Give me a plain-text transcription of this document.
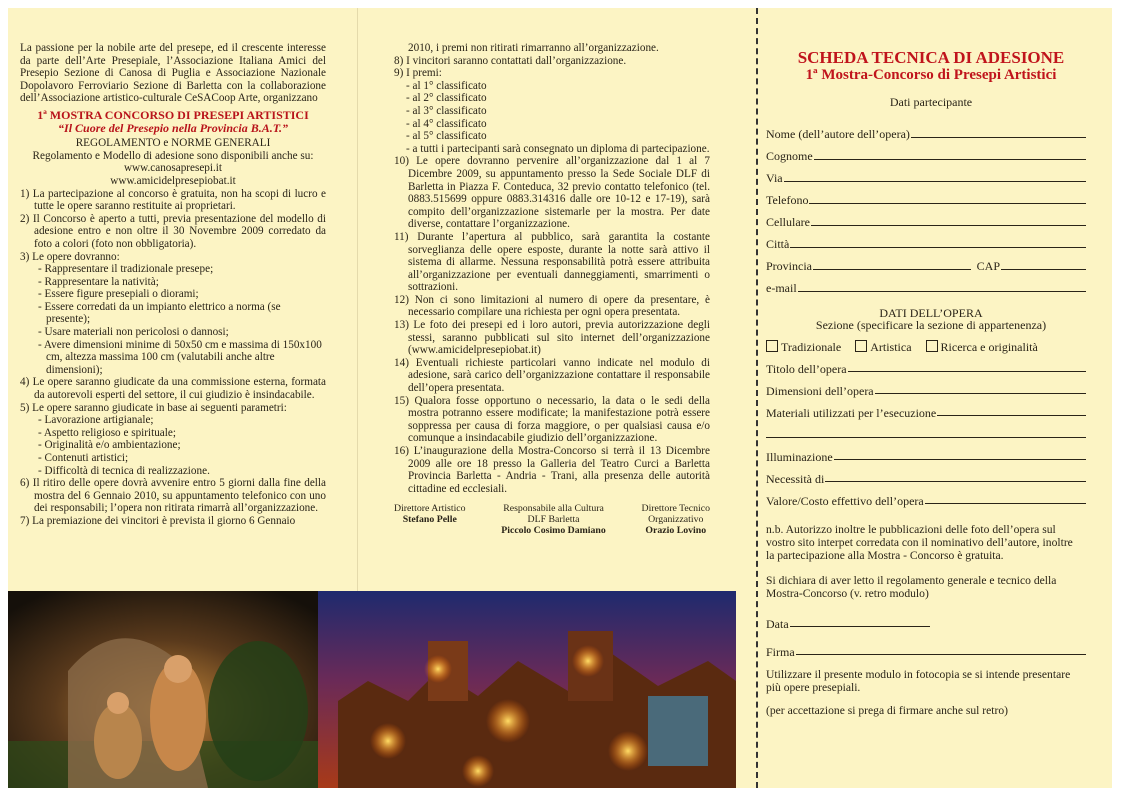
La passione per la nobile arte del presepe, ed il crescente interesse da parte dell’Arte Presepiale, l’Associazione Italiana Amici del Presepio Sezione di Canosa di Puglia e Associazione Nazionale Dopolavoro Ferroviario Sezione di Barletta con la collaborazione dell’Associazione artistico-culturale CeSACoop Arte, organizzano

1ª MOSTRA CONCORSO DI PRESEPI ARTISTICI

“Il Cuore del Presepio nella Provincia B.A.T.”

REGOLAMENTO e NORME GENERALI

Regolamento e Modello di adesione sono disponibili anche su:

www.canosapresepi.it

www.amicidelpresepiobat.it

1) La partecipazione al concorso è gratuita, non ha scopi di lucro e tutte le opere saranno restituite ai proprietari.

2) Il Concorso è aperto a tutti, previa presentazione del modello di adesione entro e non oltre il 30 Novembre 2009 corredato da foto a colori (foto non obbligatoria).

3) Le opere dovranno:

- Rappresentare il tradizionale presepe;

- Rappresentare la natività;

- Essere figure presepiali o diorami;

- Essere corredati da un impianto elettrico a norma (se presente);

- Usare materiali non pericolosi o dannosi;

- Avere dimensioni minime di 50x50 cm e massima di 150x100 cm, altezza massima 100 cm (valutabili anche altre dimensioni);

4) Le opere saranno giudicate da una commissione esterna, formata da autorevoli esperti del settore, il cui giudizio è insindacabile.

5) Le opere saranno giudicate in base ai seguenti parametri:

- Lavorazione artigianale;

- Aspetto religioso e spirituale;

- Originalità e/o ambientazione;

- Contenuti artistici;

- Difficoltà di tecnica di realizzazione.

6) Il ritiro delle opere dovrà avvenire entro 5 giorni dalla fine della mostra del 6 Gennaio 2010, su appuntamento telefonico con uno dei responsabili; l’opera non ritirata rimarrà all’organizzazione.

7) La premiazione dei vincitori è prevista il giorno 6 Gennaio

2010, i premi non ritirati rimarranno all’organizzazione.

8) I vincitori saranno contattati dall’organizzazione.

9) I premi:

- al 1° classificato

- al 2° classificato

- al 3° classificato

- al 4° classificato

- al 5° classificato

- a tutti i partecipanti sarà consegnato un diploma di partecipazione.

10) Le opere dovranno pervenire all’organizzazione dal 1 al 7 Dicembre 2009, su appuntamento presso la Sede Sociale DLF di Barletta in Piazza F. Conteduca, 32 previo contatto telefonico (tel. 0883.515699 oppure 0883.314316 dalle ore 10-12 e 17-19), sarà compito dell’organizzazione sistemarle per la mostra. Per date diverse, contattare l’organizzazione.

11) Durante l’apertura al pubblico, sarà garantita la costante sorveglianza delle opere esposte, durante la notte sarà attivo il sistema di allarme. Nessuna responsabilità potrà essere attribuita all’organizzazione per eventuali danneggiamenti, smarrimenti o sottrazioni.

12) Non ci sono limitazioni al numero di opere da presentare, è necessario compilare una richiesta per ogni opera presentata.

13) Le foto dei presepi ed i loro autori, previa autorizzazione degli stessi, saranno pubblicati sul sito internet dell’organizzazione (www.amicidelpresepiobat.it)

14) Eventuali richieste particolari vanno indicate nel modulo di adesione, sarà carico dell’organizzazione contattare il responsabile dell’opera presentata.

15) Qualora fosse opportuno o necessario, la data o le sedi della mostra potranno essere modificate; la manifestazione potrà essere soppressa per causa di forza maggiore, o per qualsiasi causa e/o comunque a insindacabile giudizio dell’organizzazione.

16) L’inaugurazione della Mostra-Concorso si terrà il 13 Dicembre 2009 alle ore 18 presso la Galleria del Teatro Curci a Barletta Provincia Barletta - Andria - Trani, alla presenza delle autorità cittadine ed ecclesiali.

Direttore Artistico
Stefano Pelle
Responsabile alla Cultura
DLF Barletta
Piccolo Cosimo Damiano
Direttore Tecnico
Organizzativo
Orazio Lovino
SCHEDA TECNICA DI ADESIONE
1ª Mostra-Concorso di Presepi Artistici
Dati partecipante
Nome (dell’autore dell’opera)
Cognome
Via
Telefono
Cellulare
Città
Provincia	CAP
e-mail
DATI DELL’OPERA
Sezione (specificare la sezione di appartenenza)
Tradizionale	Artistica	Ricerca e originalità
Titolo dell’opera
Dimensioni dell’opera
Materiali utilizzati per l’esecuzione
Illuminazione
Necessità di
Valore/Costo effettivo dell’opera

n.b. Autorizzo inoltre le pubblicazioni delle foto dell’opera sul vostro sito interpet corredata con il nominativo dell’autore, inoltre la partecipazione alla Mostra - Concorso è gratuita.

Si dichiara di aver letto il regolamento generale e tecnico della Mostra-Concorso (v. retro modulo)

Data
Firma

Utilizzare il presente modulo in fotocopia se si intende presentare più opere presepiali.

(per accettazione si prega di firmare anche sul retro)
